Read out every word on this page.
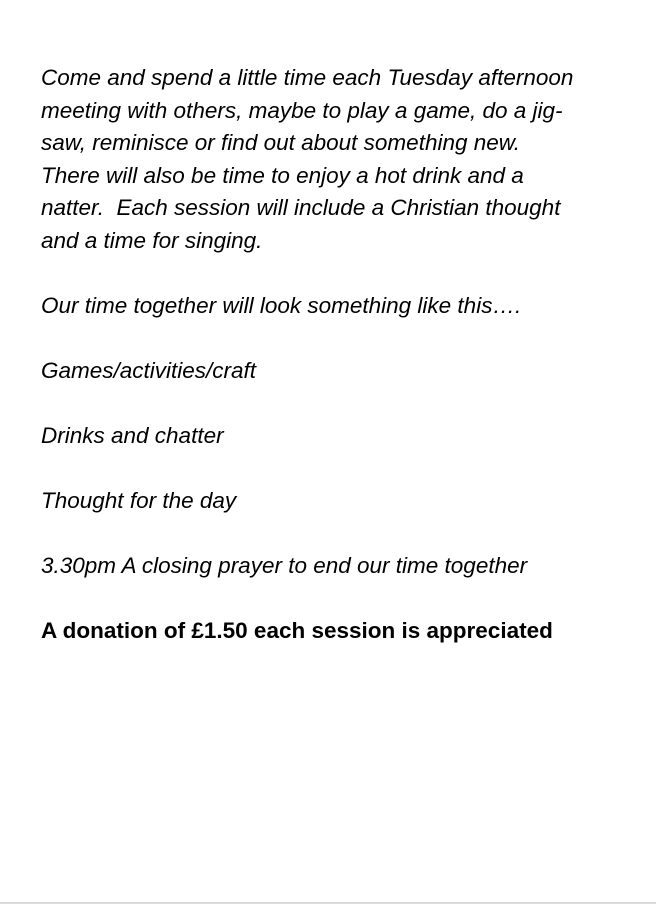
Come and spend a little time each Tuesday afternoon
meeting with others, maybe to play a game, do a jig-
saw, reminisce or find out about something new.
There will also be time to enjoy a hot drink and a
natter.  Each session will include a Christian thought
and a time for singing.

Our time together will look something like this….

Games/activities/craft

Drinks and chatter

Thought for the day

3.30pm A closing prayer to end our time together

A donation of £1.50 each session is appreciated
